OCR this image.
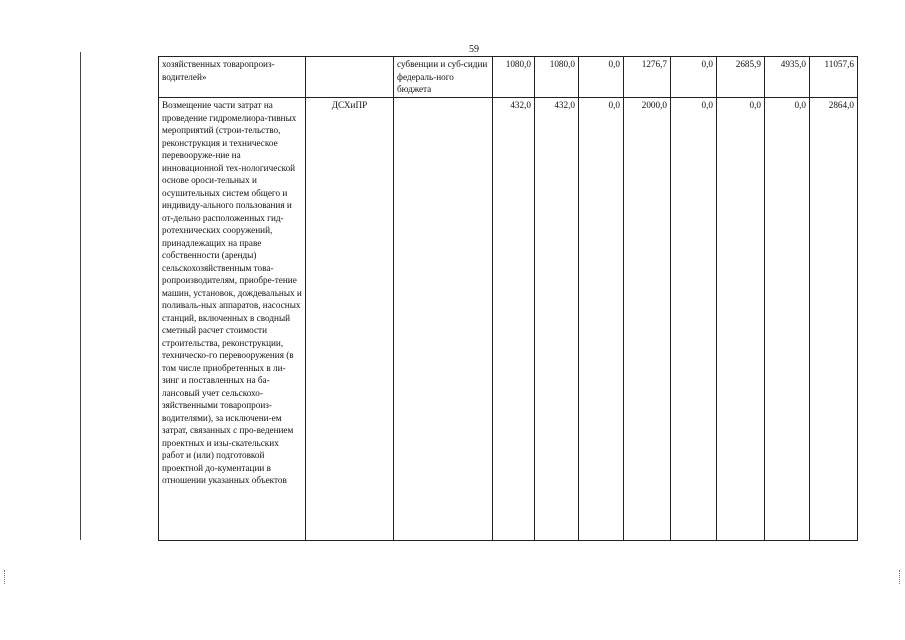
59
хозяйственных товаропроиз-водителей»		субвенции и суб-сидии федераль-ного бюджета	1080,0	1080,0	0,0	1276,7	0,0	2685,9	4935,0	11057,6

Возмещение части затрат на проведение гидромелиора-тивных мероприятий (строи-тельство, реконструкция и техническое перевооруже-ние на инновационной тех-нологической основе ороси-тельных и осушительных систем общего и индивиду-ального пользования и от-дельно расположенных гид-ротехнических сооружений, принадлежащих на праве собственности (аренды) сельскохозяйственным това-ропроизводителям, приобре-тение машин, установок, дождевальных и поливаль-ных аппаратов, насосных станций, включенных в сводный сметный расчет стоимости строительства, реконструкции, техническо-го перевооружения (в том числе приобретенных в ли-зинг и поставленных на ба-лансовый учет сельскохо-зяйственными товаропроиз-водителями), за исключени-ем затрат, связанных с про-ведением проектных и изы-скательских работ и (или) подготовкой проектной до-кументации в отношении указанных объектов	ДСХиПР		432,0	432,0	0,0	2000,0	0,0	0,0	0,0	2864,0
